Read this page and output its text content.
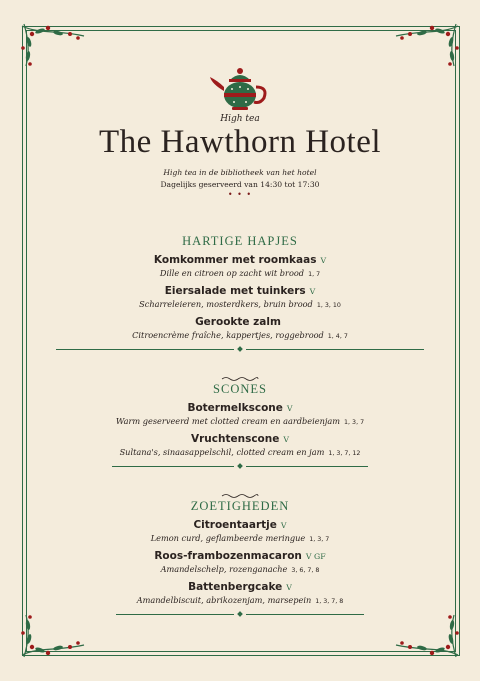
High tea
The Hawthorn Hotel
High tea in de bibliotheek van het hotel
Dagelijks geserveerd van 14:30 tot 17:30
• • •
HARTIGE HAPJES
Komkommer met roomkaas V
Dille en citroen op zacht wit brood 1, 7
Eiersalade met tuinkers V
Scharreleieren, mosterdkers, bruin brood 1, 3, 10
Gerookte zalm
Citroencrème fraîche, kappertjes, roggebrood 1, 4, 7
SCONES
Botermelkscone V
Warm geserveerd met clotted cream en aardbeienjam 1, 3, 7
Vruchtenscone V
Sultana's, sinaasappelschil, clotted cream en jam 1, 3, 7, 12
ZOETIGHEDEN
Citroentaartje V
Lemon curd, geflambeerde meringue 1, 3, 7
Roos-frambozenmacaron V GF
Amandelschelp, rozenganache 3, 6, 7, 8
Battenbergcake V
Amandelbiscuit, abrikozenjam, marsepein 1, 3, 7, 8
